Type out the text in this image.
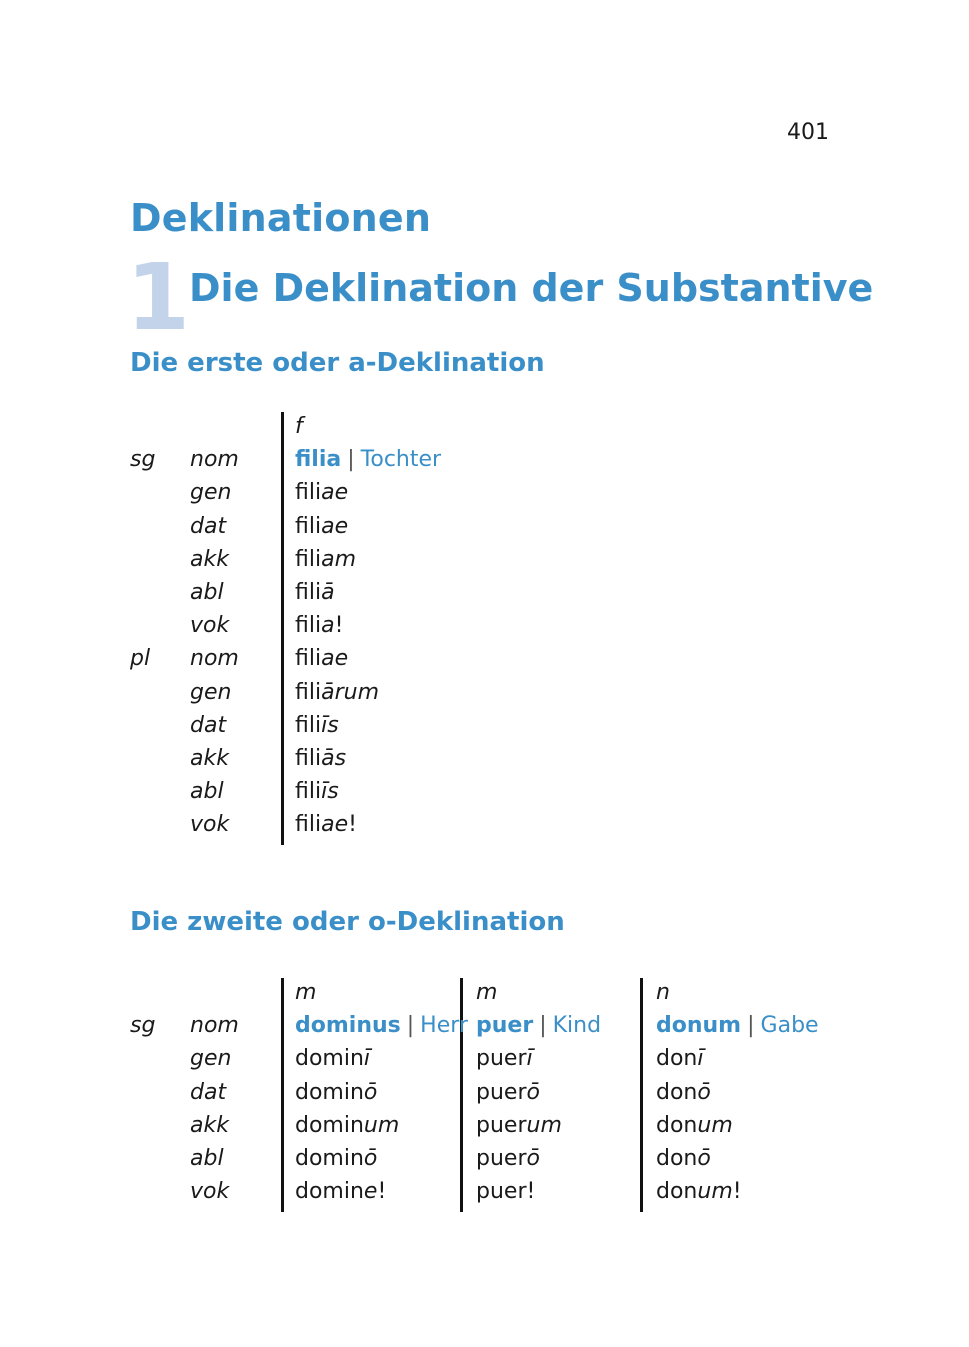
401
Deklinationen
1
Die Deklination der Substantive
Die erste oder a-Deklination
Die zweite oder o-Deklination
sg nom
gen
dat
akk
abl
vok
pl nom
gen
dat
akk
abl
vok
f
filia | Tochter
filiae
filiae
filiam
filiā
filia!
filiae
filiārum
filiīs
filiās
filiīs
filiae!
sg nom
gen
dat
akk
abl
vok
m
dominus | Herr
dominī
dominō
dominum
dominō
domine!
m
puer | Kind
puerī
puerō
puerum
puerō
puer!
n
donum | Gabe
donī
donō
donum
donō
donum!
